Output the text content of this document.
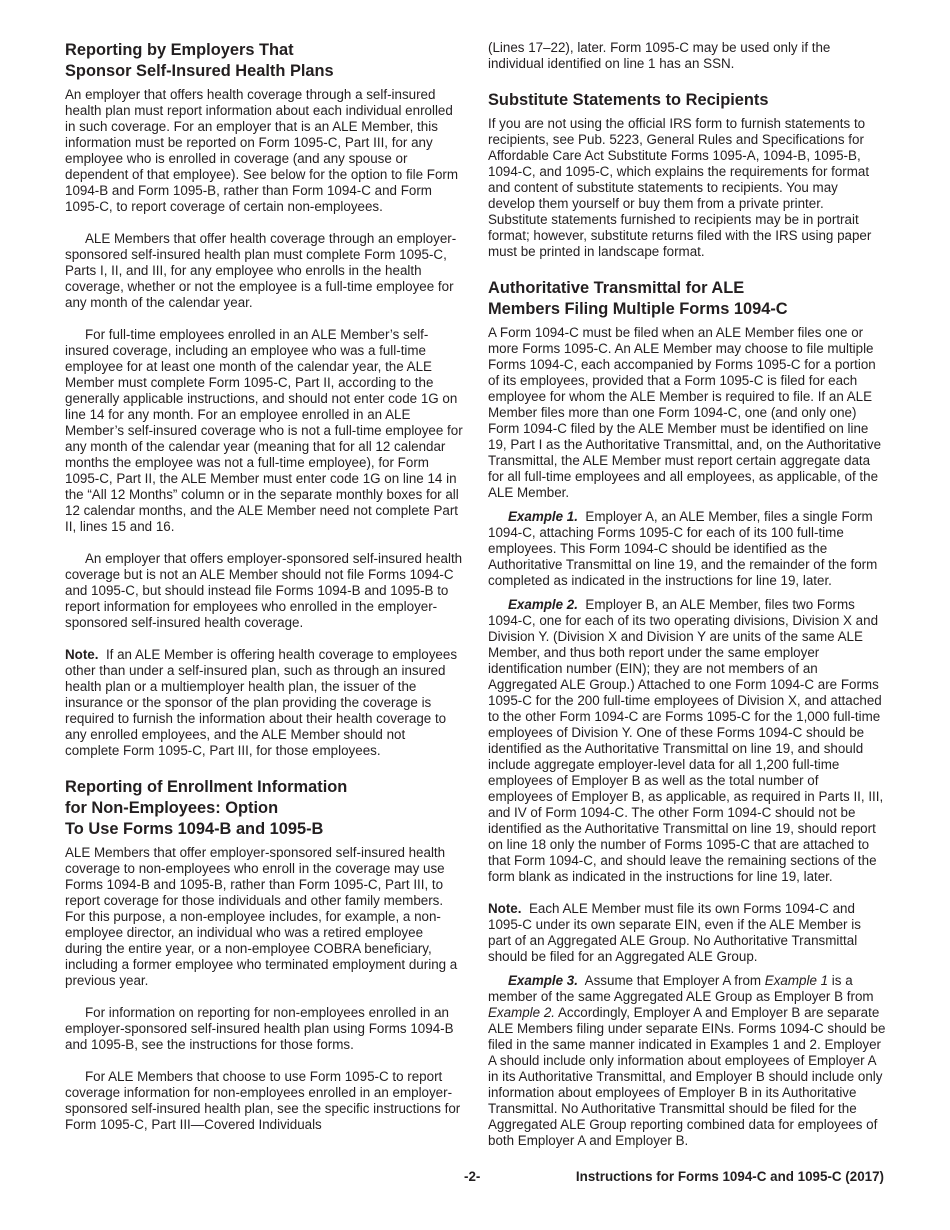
Reporting by Employers That
Sponsor Self-Insured Health Plans

An employer that offers health coverage through a self-insured health plan must report information about each individual enrolled in such coverage. For an employer that is an ALE Member, this information must be reported on Form 1095-C, Part III, for any employee who is enrolled in coverage (and any spouse or dependent of that employee). See below for the option to file Form 1094-B and Form 1095-B, rather than Form 1094-C and Form 1095-C, to report coverage of certain non-employees.

ALE Members that offer health coverage through an employer-sponsored self-insured health plan must complete Form 1095-C, Parts I, II, and III, for any employee who enrolls in the health coverage, whether or not the employee is a full-time employee for any month of the calendar year.

For full-time employees enrolled in an ALE Member’s self-insured coverage, including an employee who was a full-time employee for at least one month of the calendar year, the ALE Member must complete Form 1095-C, Part II, according to the generally applicable instructions, and should not enter code 1G on line 14 for any month. For an employee enrolled in an ALE Member’s self-insured coverage who is not a full-time employee for any month of the calendar year (meaning that for all 12 calendar months the employee was not a full-time employee), for Form 1095-C, Part II, the ALE Member must enter code 1G on line 14 in the “All 12 Months” column or in the separate monthly boxes for all 12 calendar months, and the ALE Member need not complete Part II, lines 15 and 16.

An employer that offers employer-sponsored self-insured health coverage but is not an ALE Member should not file Forms 1094-C and 1095-C, but should instead file Forms 1094-B and 1095-B to report information for employees who enrolled in the employer-sponsored self-insured health coverage.

Note. If an ALE Member is offering health coverage to employees other than under a self-insured plan, such as through an insured health plan or a multiemployer health plan, the issuer of the insurance or the sponsor of the plan providing the coverage is required to furnish the information about their health coverage to any enrolled employees, and the ALE Member should not complete Form 1095-C, Part III, for those employees.

Reporting of Enrollment Information
for Non-Employees: Option
To Use Forms 1094-B and 1095-B

ALE Members that offer employer-sponsored self-insured health coverage to non-employees who enroll in the coverage may use Forms 1094-B and 1095-B, rather than Form 1095-C, Part III, to report coverage for those individuals and other family members. For this purpose, a non-employee includes, for example, a non-employee director, an individual who was a retired employee during the entire year, or a non-employee COBRA beneficiary, including a former employee who terminated employment during a previous year.

For information on reporting for non-employees enrolled in an employer-sponsored self-insured health plan using Forms 1094-B and 1095-B, see the instructions for those forms.

For ALE Members that choose to use Form 1095-C to report coverage information for non-employees enrolled in an employer-sponsored self-insured health plan, see the specific instructions for Form 1095-C, Part III—Covered Individuals

(Lines 17–22), later. Form 1095-C may be used only if the individual identified on line 1 has an SSN.

Substitute Statements to Recipients

If you are not using the official IRS form to furnish statements to recipients, see Pub. 5223, General Rules and Specifications for Affordable Care Act Substitute Forms 1095-A, 1094-B, 1095-B, 1094-C, and 1095-C, which explains the requirements for format and content of substitute statements to recipients. You may develop them yourself or buy them from a private printer. Substitute statements furnished to recipients may be in portrait format; however, substitute returns filed with the IRS using paper must be printed in landscape format.

Authoritative Transmittal for ALE
Members Filing Multiple Forms 1094-C

A Form 1094-C must be filed when an ALE Member files one or more Forms 1095-C. An ALE Member may choose to file multiple Forms 1094-C, each accompanied by Forms 1095-C for a portion of its employees, provided that a Form 1095-C is filed for each employee for whom the ALE Member is required to file. If an ALE Member files more than one Form 1094-C, one (and only one) Form 1094-C filed by the ALE Member must be identified on line 19, Part I as the Authoritative Transmittal, and, on the Authoritative Transmittal, the ALE Member must report certain aggregate data for all full-time employees and all employees, as applicable, of the ALE Member.

Example 1. Employer A, an ALE Member, files a single Form 1094-C, attaching Forms 1095-C for each of its 100 full-time employees. This Form 1094-C should be identified as the Authoritative Transmittal on line 19, and the remainder of the form completed as indicated in the instructions for line 19, later.

Example 2. Employer B, an ALE Member, files two Forms 1094-C, one for each of its two operating divisions, Division X and Division Y. (Division X and Division Y are units of the same ALE Member, and thus both report under the same employer identification number (EIN); they are not members of an Aggregated ALE Group.) Attached to one Form 1094-C are Forms 1095-C for the 200 full-time employees of Division X, and attached to the other Form 1094-C are Forms 1095-C for the 1,000 full-time employees of Division Y. One of these Forms 1094-C should be identified as the Authoritative Transmittal on line 19, and should include aggregate employer-level data for all 1,200 full-time employees of Employer B as well as the total number of employees of Employer B, as applicable, as required in Parts II, III, and IV of Form 1094-C. The other Form 1094-C should not be identified as the Authoritative Transmittal on line 19, should report on line 18 only the number of Forms 1095-C that are attached to that Form 1094-C, and should leave the remaining sections of the form blank as indicated in the instructions for line 19, later.

Note. Each ALE Member must file its own Forms 1094-C and 1095-C under its own separate EIN, even if the ALE Member is part of an Aggregated ALE Group. No Authoritative Transmittal should be filed for an Aggregated ALE Group.

Example 3. Assume that Employer A from Example 1 is a member of the same Aggregated ALE Group as Employer B from Example 2. Accordingly, Employer A and Employer B are separate ALE Members filing under separate EINs. Forms 1094-C should be filed in the same manner indicated in Examples 1 and 2. Employer A should include only information about employees of Employer A in its Authoritative Transmittal, and Employer B should include only information about employees of Employer B in its Authoritative Transmittal. No Authoritative Transmittal should be filed for the Aggregated ALE Group reporting combined data for employees of both Employer A and Employer B.

-2-	Instructions for Forms 1094-C and 1095-C (2017)
